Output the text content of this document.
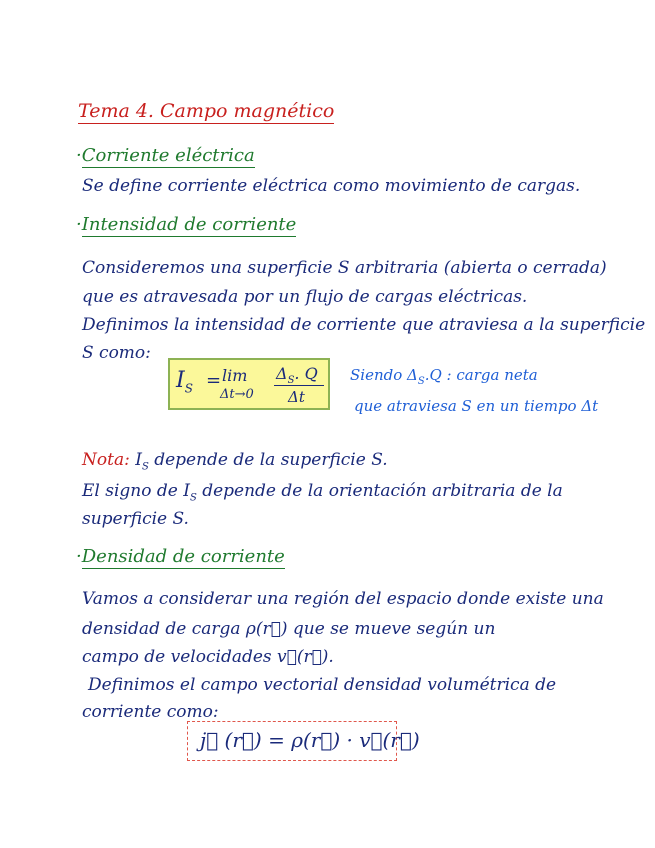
Tema 4. Campo magnético
·Corriente eléctrica
Se define corriente eléctrica como movimiento de cargas.
·Intensidad de corriente
Consideremos una superficie S arbitraria (abierta o cerrada)
que es atravesada por un flujo de cargas eléctricas.
Definimos la intensidad de corriente que atraviesa a la superficie
S como:
$I_S = \lim$
Δt→0
$\Delta_S$. Q
Δt
Siendo $\Delta_S.Q$ : carga neta
que atraviesa S en un tiempo Δt
Nota: $I_S$ depende de la superficie S.
El signo de $I_S$ depende de la orientación arbitraria de la
superficie S.
·Densidad de corriente
Vamos a considerar una región del espacio donde existe una
densidad de carga ρ(r⃗) que se mueve según un
campo de velocidades v⃗(r⃗).
Definimos el campo vectorial densidad volumétrica de
corriente como:
j⃗ (r⃗) = ρ(r⃗) · v⃗(r⃗)
